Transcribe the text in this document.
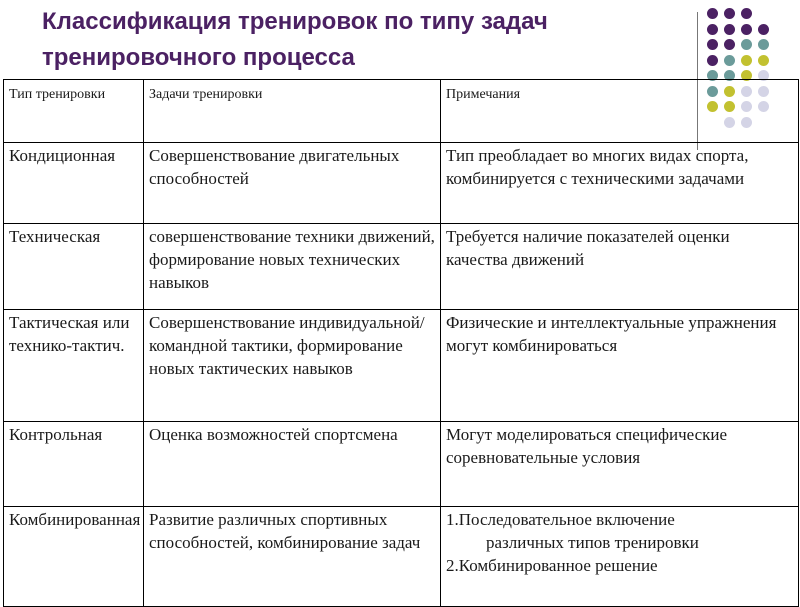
Классификация тренировок по типу задач тренировочного процесса
Тип тренировки	Задачи тренировки	Примечания
Кондиционная	Совершенствование двигательных способностей	Тип преобладает во многих видах спорта, комбинируется с техническими задачами
Техническая	совершенствование техники движений, формирование новых технических навыков	Требуется наличие показателей оценки качества движений
Тактическая или технико-тактич.	Совершенствование индивидуальной/командной тактики, формирование новых тактических навыков	Физические и интеллектуальные упражнения могут комбинироваться
Контрольная	Оценка возможностей спортсмена	Могут моделироваться специфические соревновательные условия
Комбинированная	Развитие различных спортивных способностей, комбинирование задач	1.Последовательное включение
различных типов тренировки

2.Комбинированное решение
